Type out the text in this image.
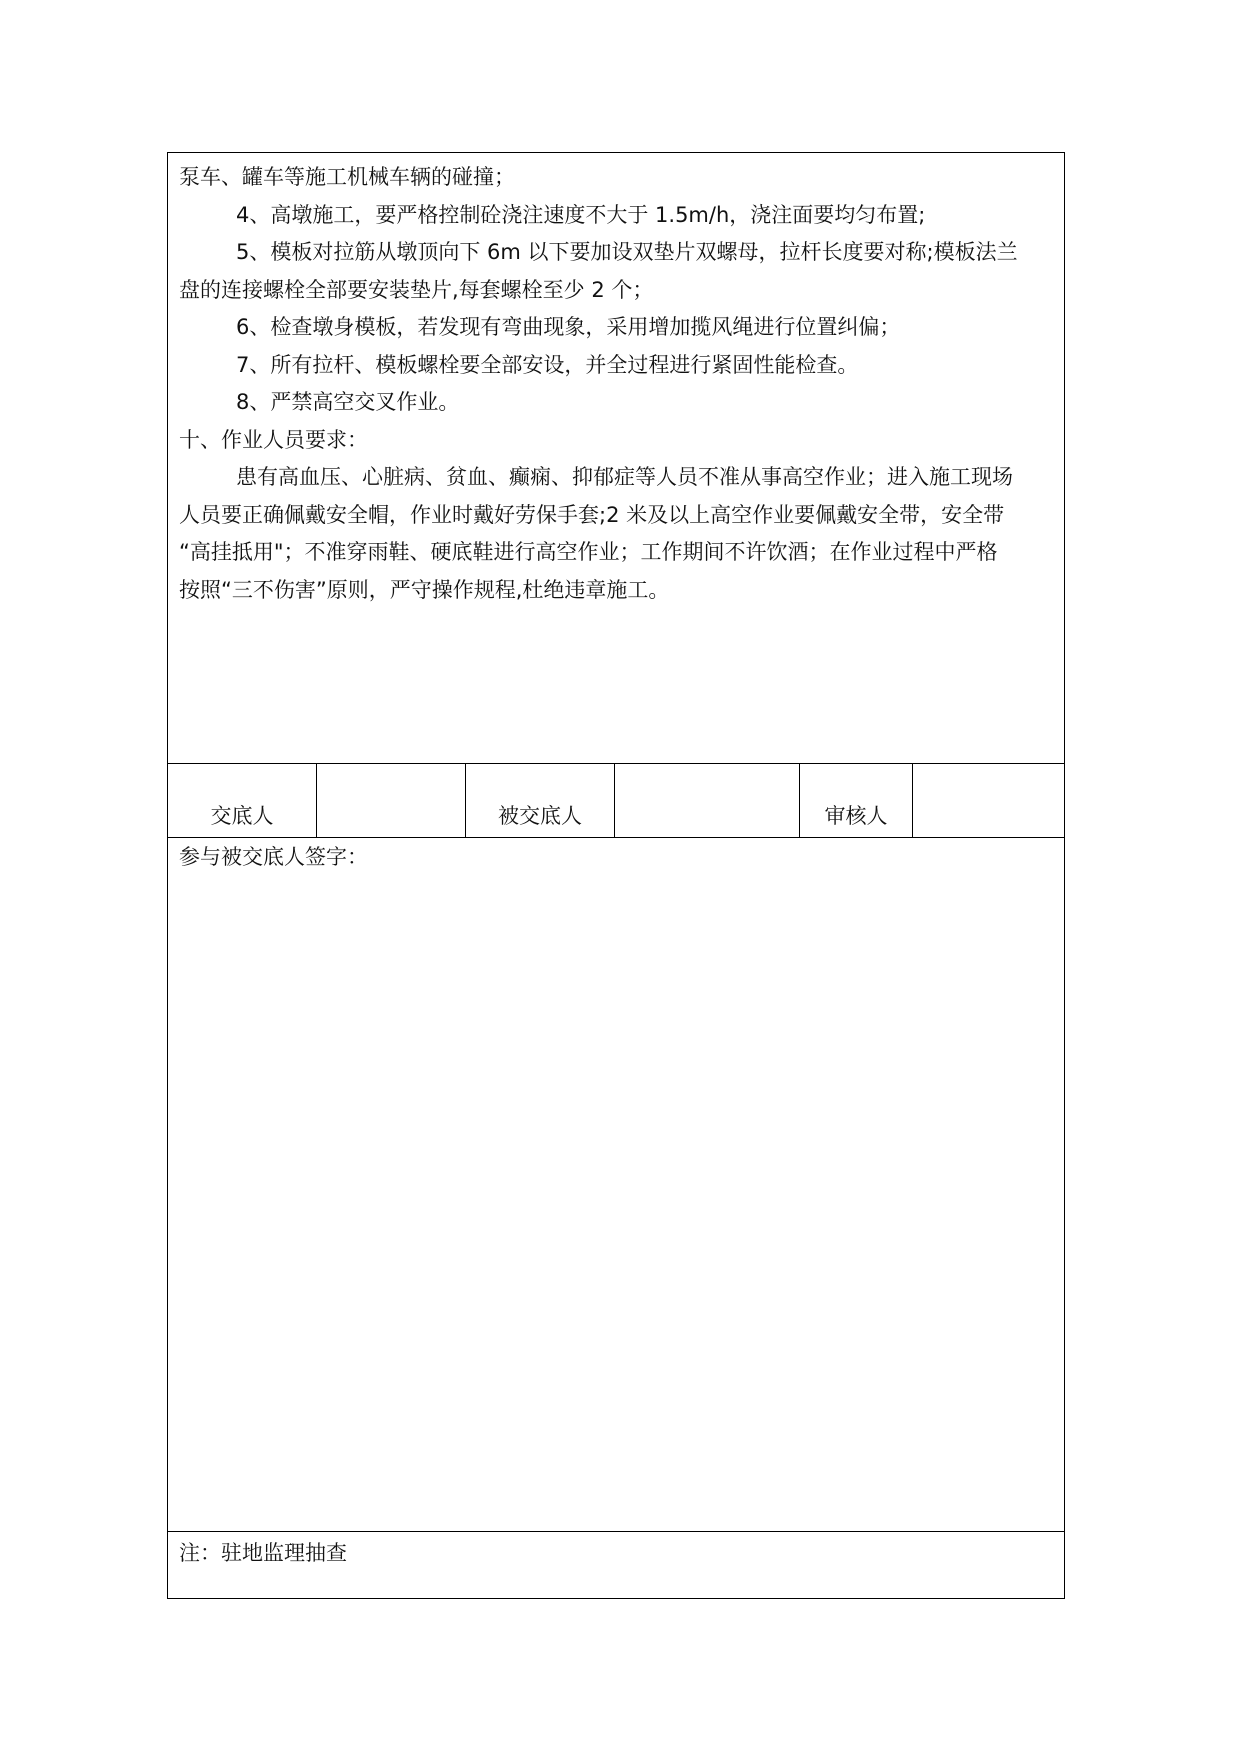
泵车、罐车等施工机械车辆的碰撞；

4、高墩施工，要严格控制砼浇注速度不大于 1.5m/h，浇注面要均匀布置;

5、模板对拉筋从墩顶向下 6m 以下要加设双垫片双螺母，拉杆长度要对称;模板法兰

盘的连接螺栓全部要安装垫片,每套螺栓至少 2 个；

6、检查墩身模板，若发现有弯曲现象，采用增加揽风绳进行位置纠偏；

7、所有拉杆、模板螺栓要全部安设，并全过程进行紧固性能检查。

8、严禁高空交叉作业。

十、作业人员要求：

患有高血压、心脏病、贫血、癫痫、抑郁症等人员不准从事高空作业；进入施工现场

人员要正确佩戴安全帽，作业时戴好劳保手套;2 米及以上高空作业要佩戴安全带，安全带

“高挂抵用"；不准穿雨鞋、硬底鞋进行高空作业；工作期间不许饮酒；在作业过程中严格

按照“三不伤害”原则，严守操作规程,杜绝违章施工。

交底人	被交底人	审核人
参与被交底人签字：
注：驻地监理抽查
